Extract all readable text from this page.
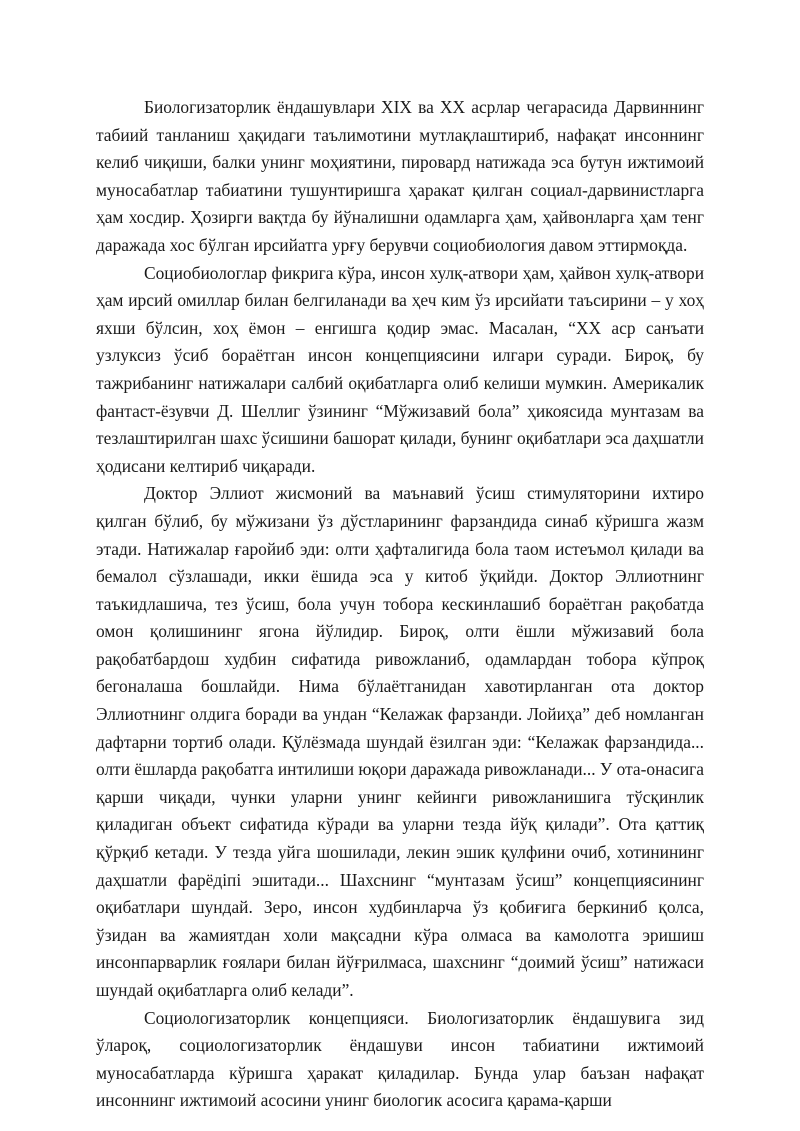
Биологизаторлик ёндашувлари XIX ва XX асрлар чегарасида Дарвиннинг табиий танланиш ҳақидаги таълимотини мутлақлаштириб, нафақат инсоннинг келиб чиқиши, балки унинг моҳиятини, пировард натижада эса бутун ижтимоий муносабатлар табиатини тушунтиришга ҳаракат қилган социал-дарвинистларга ҳам хосдир. Ҳозирги вақтда бу йўналишни одамларга ҳам, ҳайвонларга ҳам тенг даражада хос бўлган ирсийатга урғу берувчи социобиология давом эттирмоқда.

Социобиологлар фикрига кўра, инсон хулқ-атвори ҳам, ҳайвон хулқ-атвори ҳам ирсий омиллар билан белгиланади ва ҳеч ким ўз ирсийати таъсирини – у хоҳ яхши бўлсин, хоҳ ёмон – енгишга қодир эмас. Масалан, “XX аср санъати узлуксиз ўсиб бораётган инсон концепциясини илгари суради. Бироқ, бу тажрибанинг натижалари салбий оқибатларга олиб келиши мумкин. Америкалик фантаст-ёзувчи Д. Шеллиг ўзининг “Мўжизавий бола” ҳикоясида мунтазам ва тезлаштирилган шахс ўсишини башорат қилади, бунинг оқибатлари эса даҳшатли ҳодисани келтириб чиқаради.

Доктор Эллиот жисмоний ва маънавий ўсиш стимуляторини ихтиро қилган бўлиб, бу мўжизани ўз дўстларининг фарзандида синаб кўришга жазм этади. Натижалар ғаройиб эди: олти ҳафталигида бола таом истеъмол қилади ва бемалол сўзлашади, икки ёшида эса у китоб ўқийди. Доктор Эллиотнинг таъкидлашича, тез ўсиш, бола учун тобора кескинлашиб бораётган рақобатда омон қолишининг ягона йўлидир. Бироқ, олти ёшли мўжизавий бола рақобатбардош худбин сифатида ривожланиб, одамлардан тобора кўпроқ бегоналаша бошлайди. Нима бўлаётганидан хавотирланган ота доктор Эллиотнинг олдига боради ва ундан “Келажак фарзанди. Лойиҳа” деб номланган дафтарни тортиб олади. Қўлёзмада шундай ёзилган эди: “Келажак фарзандида... олти ёшларда рақобатга интилиши юқори даражада ривожланади... У ота-онасига қарши чиқади, чунки уларни унинг кейинги ривожланишига тўсқинлик қиладиган объект сифатида кўради ва уларни тезда йўқ қилади”. Ота қаттиқ қўрқиб кетади. У тезда уйга шошилади, лекин эшик қулфини очиб, хотинининг даҳшатли фарёдіпі эшитади... Шахснинг “мунтазам ўсиш” концепциясининг оқибатлари шундай. Зеро, инсон худбинларча ўз қобиғига беркиниб қолса, ўзидан ва жамиятдан холи мақсадни кўра олмаса ва камолотга эришиш инсонпарварлик ғоялари билан йўғрилмаса, шахснинг “доимий ўсиш” натижаси шундай оқибатларга олиб келади”.

Социологизаторлик концепцияси. Биологизаторлик ёндашувига зид ўлароқ, социологизаторлик ёндашуви инсон табиатини ижтимоий муносабатларда кўришга ҳаракат қиладилар. Бунда улар баъзан нафақат инсоннинг ижтимоий асосини унинг биологик асосига қарама-қарши
